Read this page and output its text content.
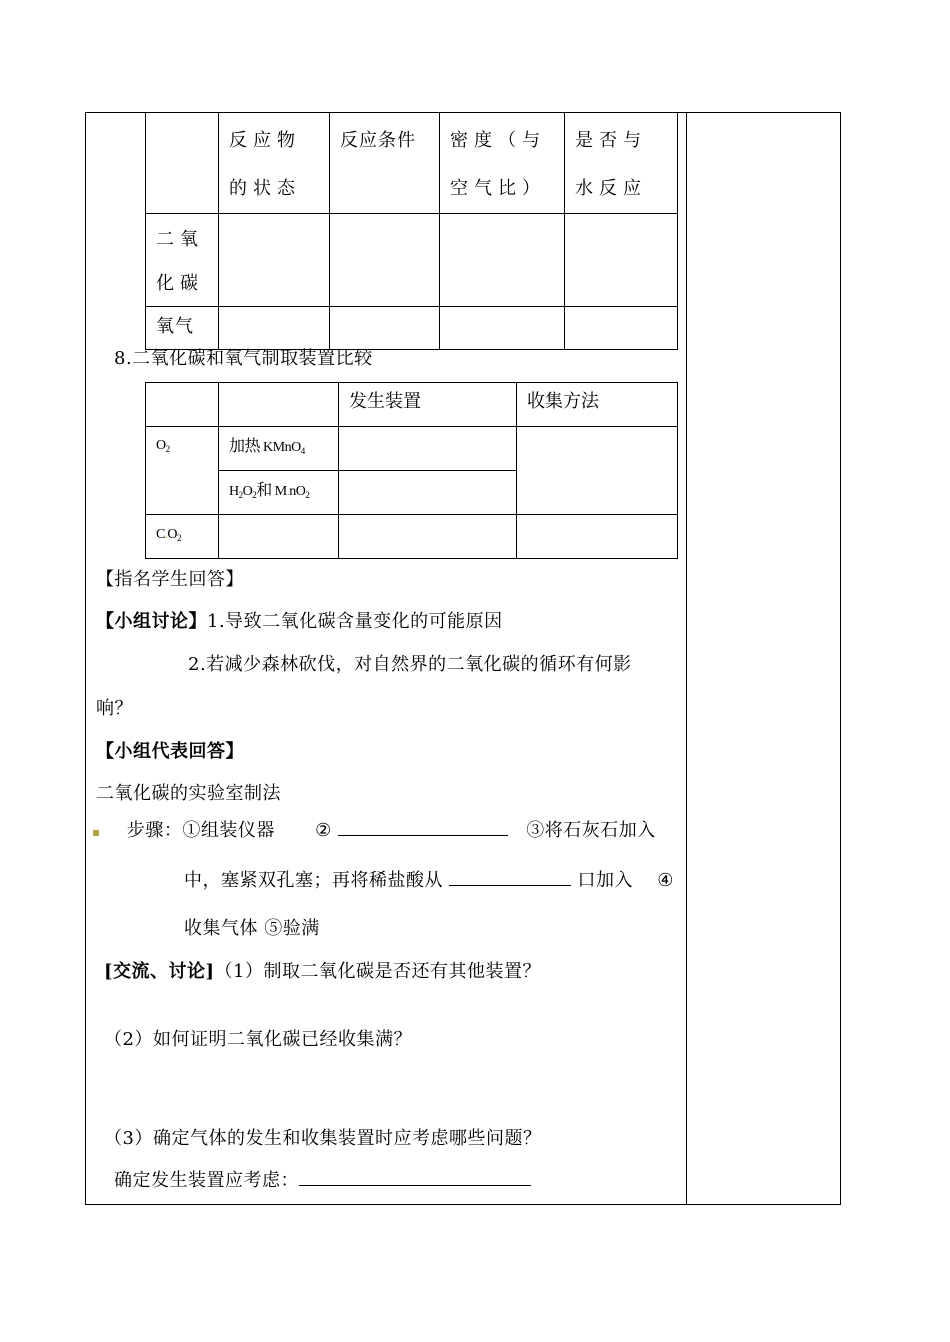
	反应物的状态	反应条件	密度（与空气比）	是否与水反应
二氧化碳				
氧气				
8.二氧化碳和氧气制取装置比较
		发生装置	收集方法
$O_2$	加热 KMnO$_4$		
	$H_2O_2$和 $M.nO_2$	
$C.O_2$			
【指名学生回答】
【小组讨论】1.导致二氧化碳含量变化的可能原因
2.若减少森林砍伐，对自然界的二氧化碳的循环有何影
响？
【小组代表回答】
二氧化碳的实验室制法
▪ 步骤：①组装仪器 ②	③将石灰石加入
中，塞紧双孔塞；再将稀盐酸从	口加入 ④
收集气体 ⑤验满
[交流、讨论]（1）制取二氧化碳是否还有其他装置？
（2）如何证明二氧化碳已经收集满？
（3）确定气体的发生和收集装置时应考虑哪些问题？
确定发生装置应考虑：
